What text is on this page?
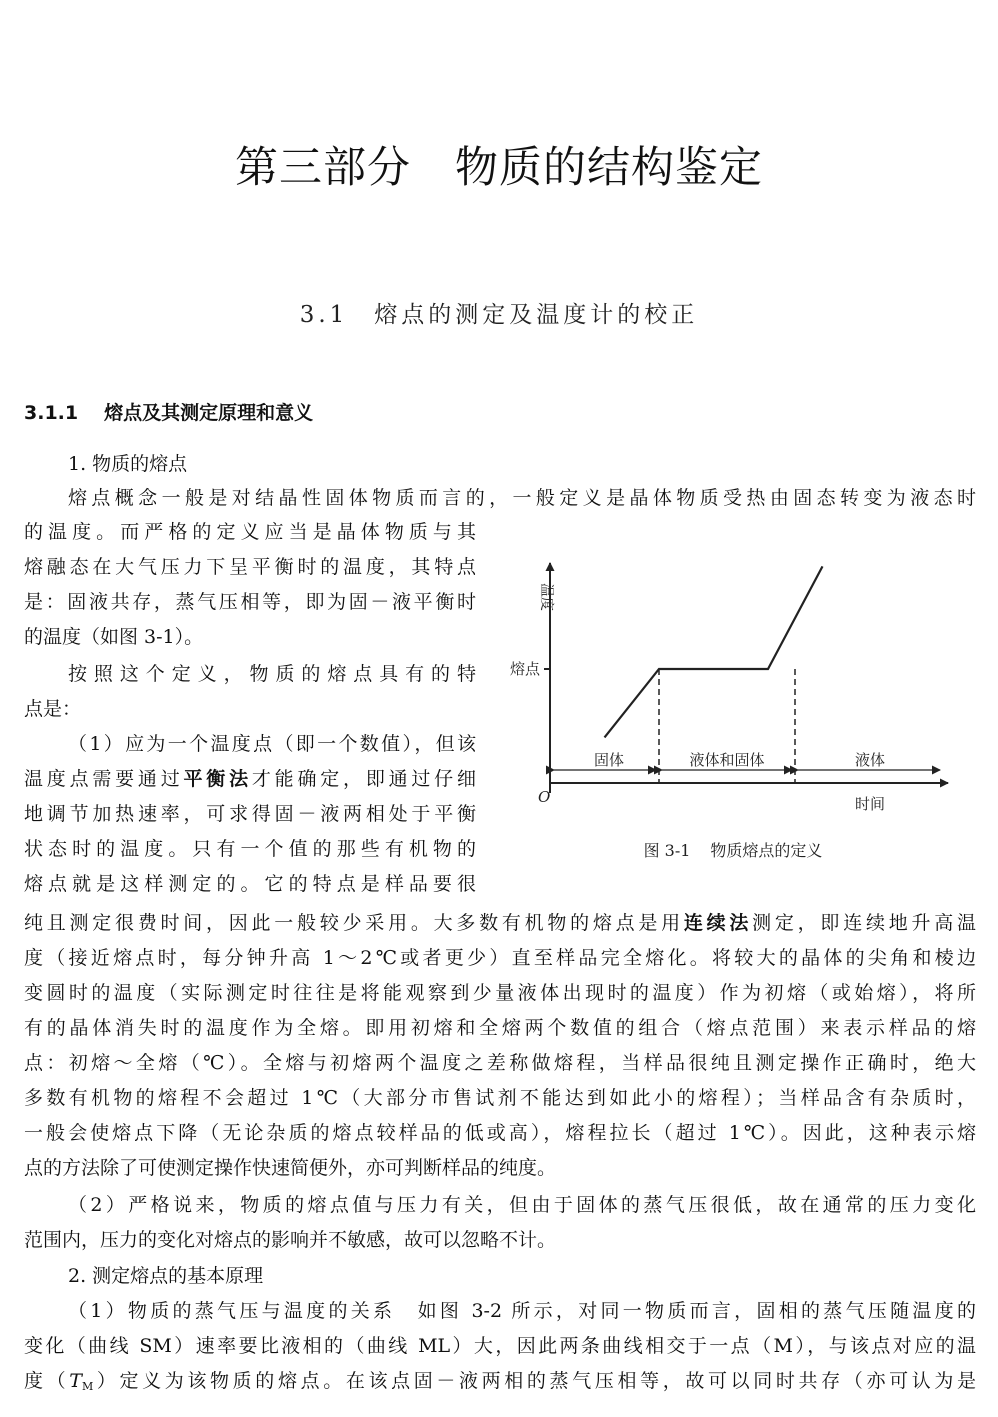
第三部分 物质的结构鉴定
3.1 熔点的测定及温度计的校正
3.1.1 熔点及其测定原理和意义
1. 物质的熔点
熔点概念一般是对结晶性固体物质而言的，一般定义是晶体物质受热由固态转变为液态时
的温度。而严格的定义应当是晶体物质与其
熔融态在大气压力下呈平衡时的温度，其特点
是：固液共存，蒸气压相等，即为固－液平衡时
的温度（如图 3-1）。
按照这个定义，物质的熔点具有的特
点是：
（1）应为一个温度点（即一个数值），但该
温度点需要通过平衡法才能确定，即通过仔细
地调节加热速率，可求得固－液两相处于平衡
状态时的温度。只有一个值的那些有机物的
熔点就是这样测定的。它的特点是样品要很
纯且测定很费时间，因此一般较少采用。大多数有机物的熔点是用连续法测定，即连续地升高温
度（接近熔点时，每分钟升高 1～2℃或者更少）直至样品完全熔化。将较大的晶体的尖角和棱边
变圆时的温度（实际测定时往往是将能观察到少量液体出现时的温度）作为初熔（或始熔），将所
有的晶体消失时的温度作为全熔。即用初熔和全熔两个数值的组合（熔点范围）来表示样品的熔
点：初熔～全熔（℃）。全熔与初熔两个温度之差称做熔程，当样品很纯且测定操作正确时，绝大
多数有机物的熔程不会超过 1℃（大部分市售试剂不能达到如此小的熔程）；当样品含有杂质时，
一般会使熔点下降（无论杂质的熔点较样品的低或高），熔程拉长（超过 1℃）。因此，这种表示熔
点的方法除了可使测定操作快速简便外，亦可判断样品的纯度。
（2）严格说来，物质的熔点值与压力有关，但由于固体的蒸气压很低，故在通常的压力变化
范围内，压力的变化对熔点的影响并不敏感，故可以忽略不计。
2. 测定熔点的基本原理
（1）物质的蒸气压与温度的关系　如图 3-2 所示，对同一物质而言，固相的蒸气压随温度的
变化（曲线 SM）速率要比液相的（曲线 ML）大，因此两条曲线相交于一点（M），与该点对应的温
度$(T_M)$定义为该物质的熔点。在该点固－液两相的蒸气压相等，故可以同时共存（亦可认为是
温度
熔点
O
固体	液体和固体	液体
时间
图 3-1 物质熔点的定义
